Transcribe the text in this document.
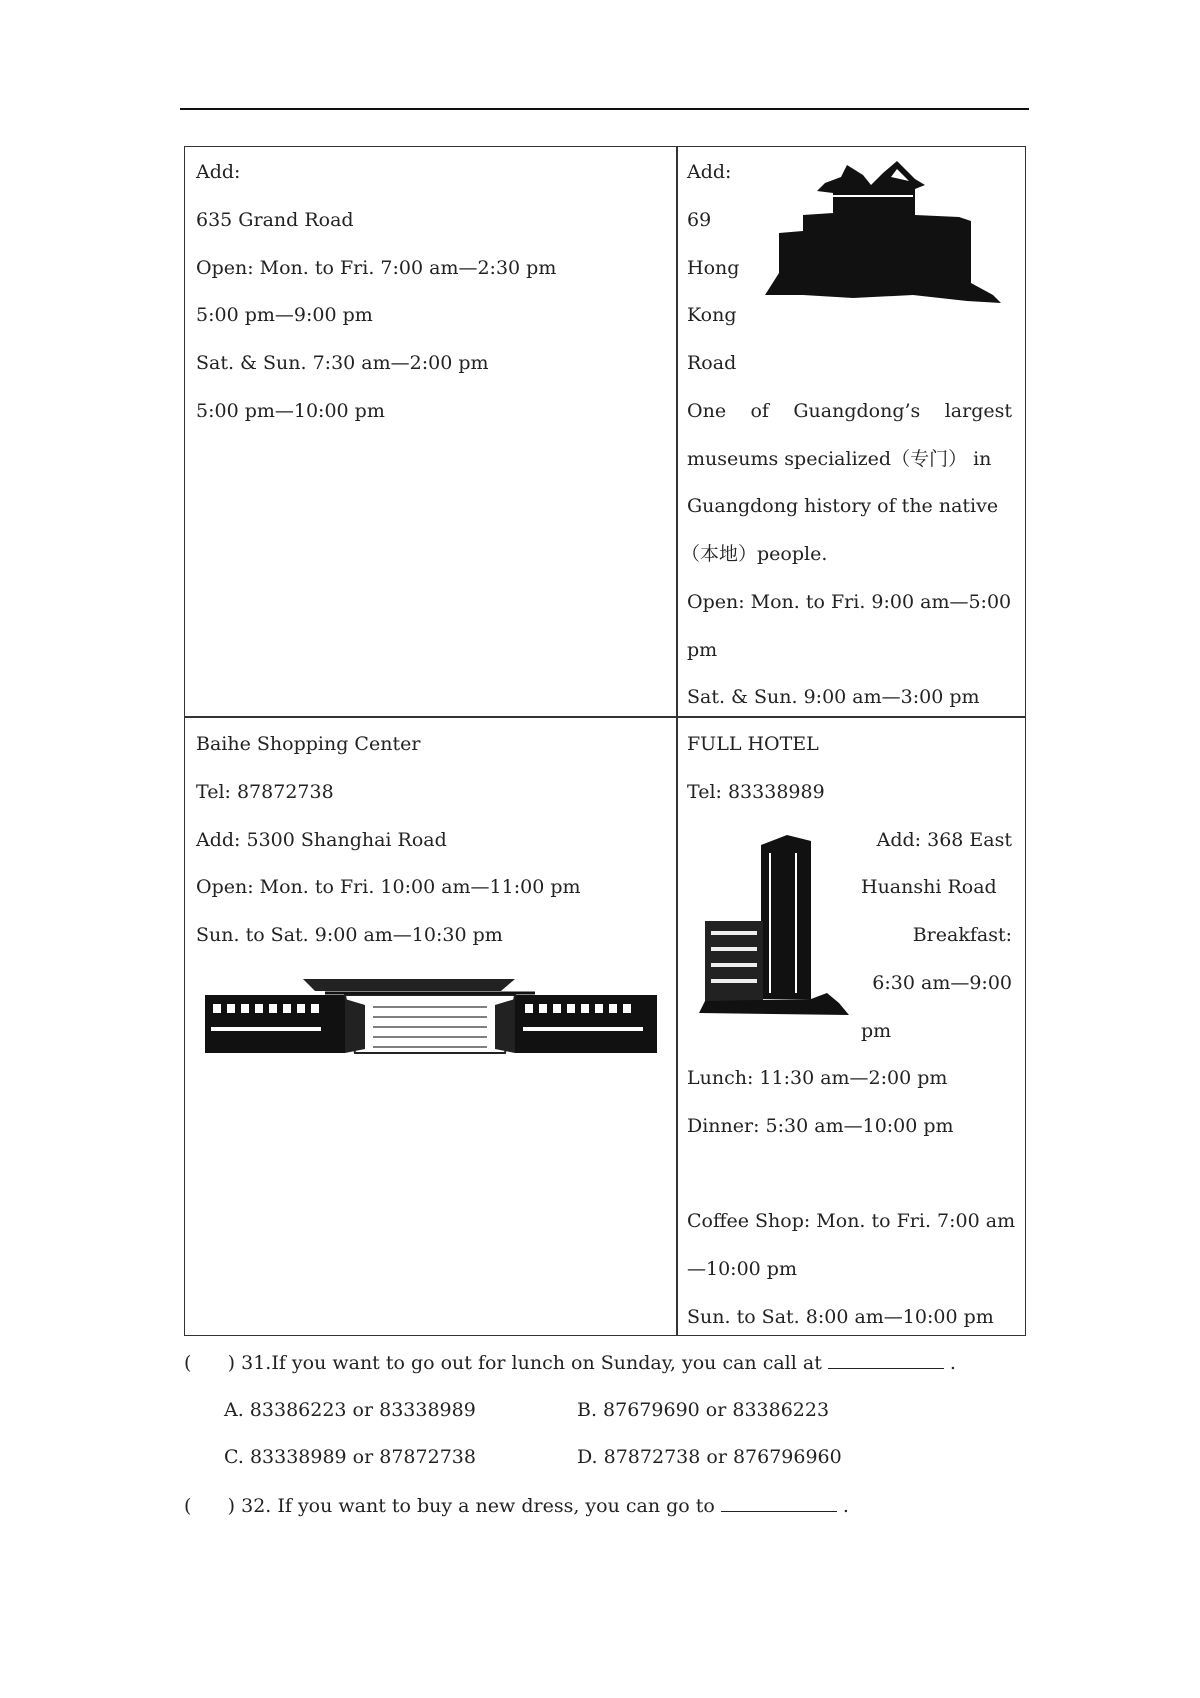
Add:
635 Grand Road
Open: Mon. to Fri. 7:00 am—2:30 pm
5:00 pm—9:00 pm
Sat. & Sun. 7:30 am—2:00 pm
5:00 pm—10:00 pm
Add:
69
Hong
Kong
Road
One of Guangdong’s largest
museums specialized（专门） in
Guangdong history of the native
（本地）people.
Open: Mon. to Fri. 9:00 am—5:00
pm
Sat. & Sun. 9:00 am—3:00 pm
Baihe Shopping Center
Tel: 87872738
Add: 5300 Shanghai Road
Open: Mon. to Fri. 10:00 am—11:00 pm
Sun. to Sat. 9:00 am—10:30 pm
FULL HOTEL
Tel: 83338989
Add: 368 East
Huanshi Road
Breakfast:
6:30 am—9:00
pm
Lunch: 11:30 am—2:00 pm
Dinner: 5:30 am—10:00 pm
Coffee Shop: Mon. to Fri. 7:00 am
—10:00 pm
Sun. to Sat. 8:00 am—10:00 pm
(      ) 31.If you want to go out for lunch on Sunday, you can call at	.
A. 83386223 or 83338989	B. 87679690 or 83386223
C. 83338989 or 87872738	D. 87872738 or 876796960
(      ) 32. If you want to buy a new dress, you can go to	.
